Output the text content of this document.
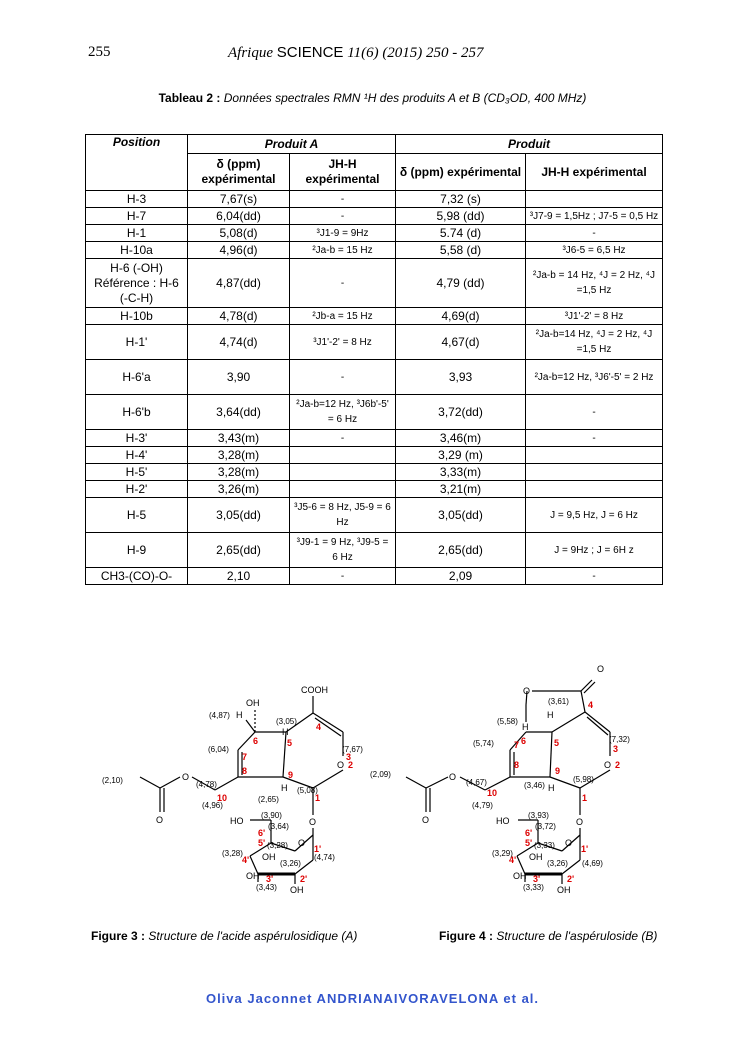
255	Afrique SCIENCE 11(6) (2015) 250 - 257
Tableau 2 : Données spectrales RMN ¹H des produits A et B (CD₃OD, 400 MHz)
Position	Produit A		Produit	
	δ (ppm) expérimental	JH-H expérimental	δ (ppm) expérimental	JH-H expérimental
H-3	7,67(s)	-	7,32 (s)	
H-7	6,04(dd)	-	5,98 (dd)	³J7-9 = 1,5Hz ; J7-5 = 0,5 Hz
H-1	5,08(d)	³J1-9 = 9Hz	5.74 (d)	-
H-10a	4,96(d)	²Ja-b = 15 Hz	5,58 (d)	³J6-5 = 6,5 Hz
H-6 (-OH) Référence : H-6 (-C-H)	4,87(dd)	-	4,79 (dd)	²Ja-b = 14 Hz, ⁴J = 2 Hz, ⁴J =1,5 Hz
H-10b	4,78(d)	²Jb-a = 15 Hz	4,69(d)	³J1'-2' = 8 Hz
H-1'	4,74(d)	³J1'-2' = 8 Hz	4,67(d)	²Ja-b=14 Hz, ⁴J = 2 Hz, ⁴J =1,5 Hz
H-6'a	3,90	-	3,93	²Ja-b=12 Hz, ³J6'-5' = 2 Hz
H-6'b	3,64(dd)	²Ja-b=12 Hz, ³J6b'-5' = 6 Hz	3,72(dd)	-
H-3'	3,43(m)	-	3,46(m)	-
H-4'	3,28(m)		3,29 (m)	
H-5'	3,28(m)		3,33(m)	
H-2'	3,26(m)		3,21(m)	
H-5	3,05(dd)	³J5-6 = 8 Hz, J5-9 = 6 Hz	3,05(dd)	J = 9,5 Hz, J = 6 Hz
H-9	2,65(dd)	³J9-1 = 9 Hz, ³J9-5 = 6 Hz	2,65(dd)	J = 9Hz ; J = 6H z
CH3-(CO)-O-	2,10	-	2,09	-
OH
COOH
(4,87) H
(3,05)
H
(7,67)
(6,04)
O
(5,08)
(2,10)	O
(4,78)
(4,96)
(2,65)
H
O	O
(3,90)
HO
(3,64)
(3,28)
(3,28) OH
O
(4,74)
(3,26)
OH
OH
(3,43)
4
6	5
3
7
8	9
2
1
10
6'
5'
4'
1'
3'	2'
O
O
(3,61)
H
(5,58)
H
(7,32)
(5,74)
O
(2,09)	O
(4,67)	(3,46) H
(5,98)
(4,79)
O	O
(3,93)
HO
(3,72)
(3,33)
(3,29) OH
O
(4,69)
(3,26)
OH
OH
(3,33)
4
6	5
3
7
8
9
2
1
10
6'
5'
4'
1'
3'	2'
Figure 3 : Structure de l'acide aspérulosidique (A)	Figure 4 : Structure de l'aspéruloside (B)
Oliva Jaconnet ANDRIANAIVORAVELONA et al.
